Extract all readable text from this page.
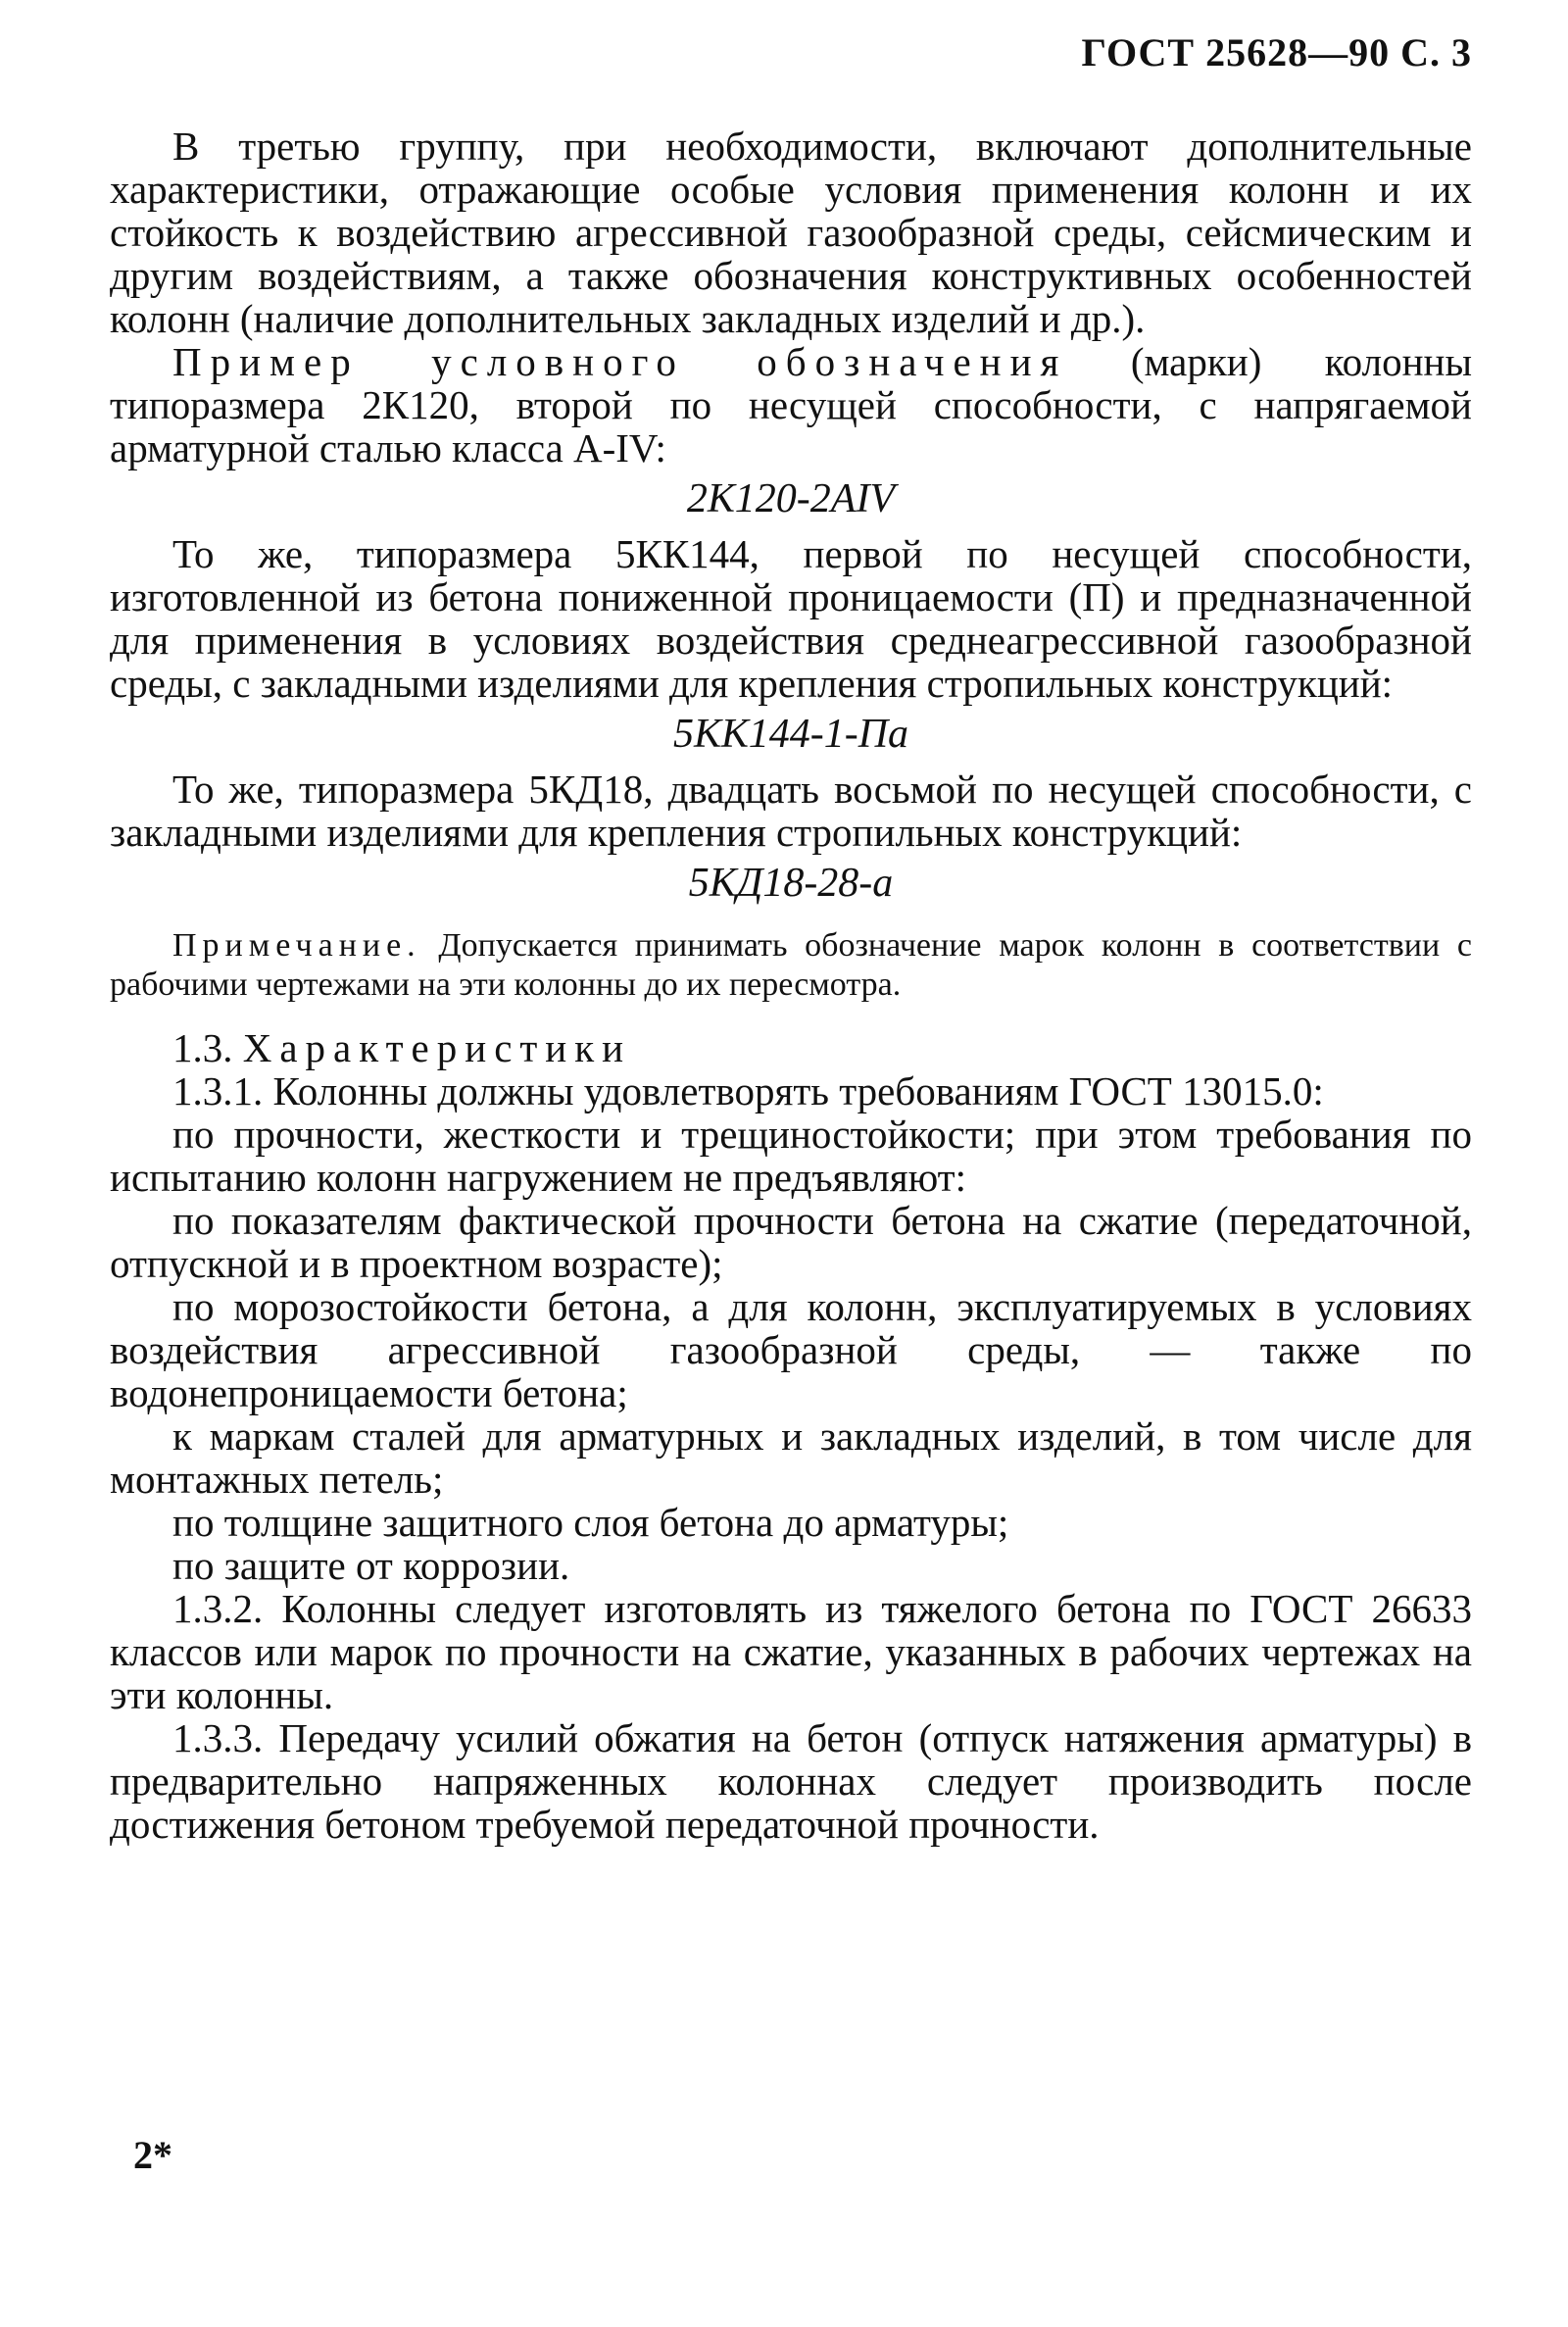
ГОСТ 25628—90 С. 3

В третью группу, при необходимости, включают дополнительные характеристики, отражающие особые условия применения колонн и их стойкость к воздействию агрессивной газообразной среды, сейсмическим и другим воздействиям, а также обозначения конструктивных особенностей колонн (наличие дополнительных закладных изделий и др.).

Пример условного обозначения (марки) колонны типоразмера 2К120, второй по несущей способности, с напрягаемой арматурной сталью класса A-IV:

2К120-2AIV

То же, типоразмера 5КК144, первой по несущей способности, изготовленной из бетона пониженной проницаемости (П) и предназначенной для применения в условиях воздействия среднеагрессивной газообразной среды, с закладными изделиями для крепления стропильных конструкций:

5КК144-1-Па

То же, типоразмера 5КД18, двадцать восьмой по несущей способности, с закладными изделиями для крепления стропильных конструкций:

5КД18-28-а
Примечание. Допускается принимать обозначение марок колонн в соответствии с рабочими чертежами на эти колонны до их пересмотра.

1.3. Характеристики

1.3.1. Колонны должны удовлетворять требованиям ГОСТ 13015.0:

по прочности, жесткости и трещиностойкости; при этом требования по испытанию колонн нагружением не предъявляют:

по показателям фактической прочности бетона на сжатие (передаточной, отпускной и в проектном возрасте);

по морозостойкости бетона, а для колонн, эксплуатируемых в условиях воздействия агрессивной газообразной среды, — также по водонепроницаемости бетона;

к маркам сталей для арматурных и закладных изделий, в том числе для монтажных петель;

по толщине защитного слоя бетона до арматуры;

по защите от коррозии.

1.3.2. Колонны следует изготовлять из тяжелого бетона по ГОСТ 26633 классов или марок по прочности на сжатие, указанных в рабочих чертежах на эти колонны.

1.3.3. Передачу усилий обжатия на бетон (отпуск натяжения арматуры) в предварительно напряженных колоннах следует производить после достижения бетоном требуемой передаточной прочности.

2*
